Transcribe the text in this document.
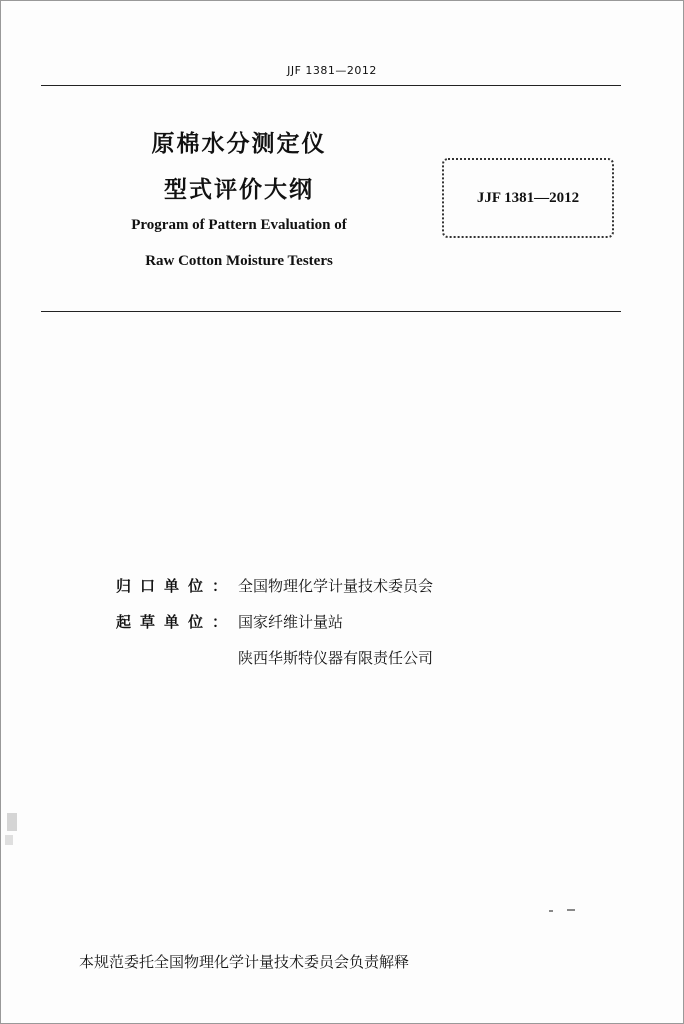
JJF 1381—2012
原棉水分测定仪
型式评价大纲
Program of Pattern Evaluation of
Raw Cotton Moisture Testers
JJF 1381—2012
归口单位： 全国物理化学计量技术委员会
起草单位： 国家纤维计量站
陕西华斯特仪器有限责任公司
本规范委托全国物理化学计量技术委员会负责解释
